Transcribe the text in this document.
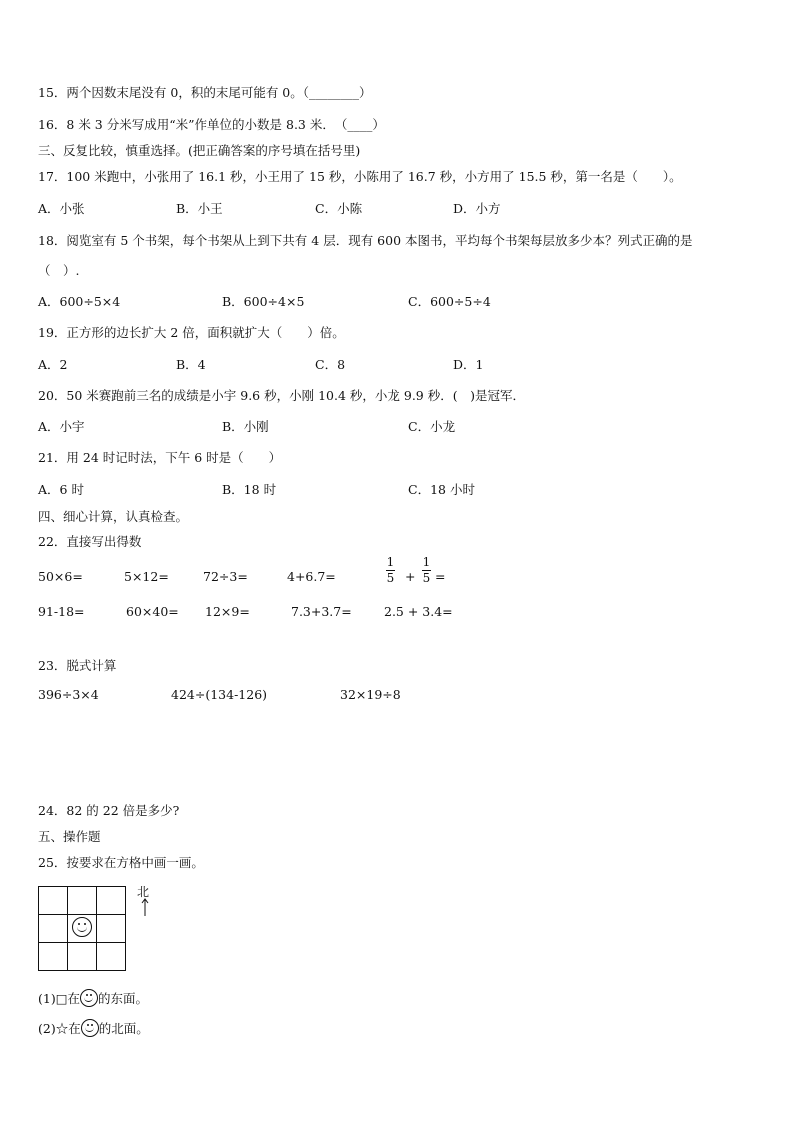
15．两个因数末尾没有 0，积的末尾可能有 0。（________）
16．8 米 3 分米写成用“米”作单位的小数是 8.3 米．　（____）
三、反复比较，慎重选择。(把正确答案的序号填在括号里)
17．100 米跑中，小张用了 16.1 秒，小王用了 15 秒，小陈用了 16.7 秒，小方用了 15.5 秒，第一名是（　　）。
A．小张	B．小王	C．小陈	D．小方
18．阅览室有 5 个书架，每个书架从上到下共有 4 层．现有 600 本图书，平均每个书架每层放多少本？列式正确的是
（　）.
A．600÷5×4	B．600÷4×5	C．600÷5÷4
19．正方形的边长扩大 2 倍，面积就扩大（　　）倍。
A．2	B．4	C．8	D．1
20．50 米赛跑前三名的成绩是小宇 9.6 秒，小刚 10.4 秒，小龙 9.9 秒．(　)是冠军．
A．小宇	B．小刚	C．小龙
21．用 24 时记时法，下午 6 时是（　　）
A．6 时	B．18 时	C．18 小时
四、细心计算，认真检查。
22．直接写出得数
50×6=	5×12=	72÷3=	4+6.7=
1
5 +
1
5 =
91-18=	60×40= 12×9=	7.3+3.7=	2.5 + 3.4=
23．脱式计算
396÷3×4	424÷(134-126)	32×19÷8
24．82 的 22 倍是多少?
五、操作题
25．按要求在方格中画一画。

北
(1)□在 的东面。
(2)☆在 的北面。
